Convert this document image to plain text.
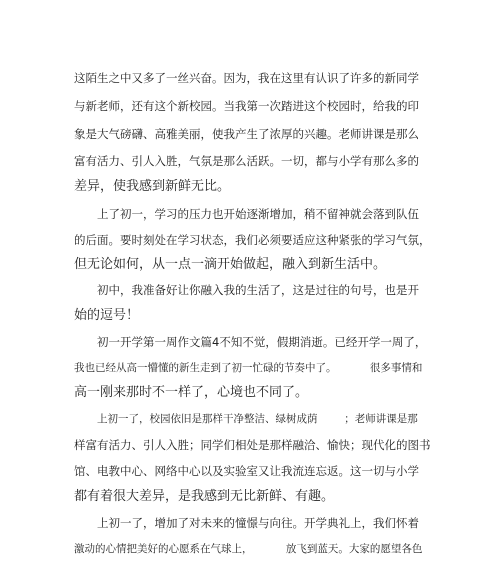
这陌生之中又多了一丝兴奋。因为，我在这里有认识了许多的新同学
与新老师，还有这个新校园。当我第一次踏进这个校园时，给我的印
象是大气磅礴、高雅美丽，使我产生了浓厚的兴趣。老师讲课是那么
富有活力、引人入胜，气氛是那么活跃。一切，都与小学有那么多的
差异，使我感到新鲜无比。
上了初一，学习的压力也开始逐渐增加，稍不留神就会落到队伍
的后面。要时刻处在学习状态，我们必须要适应这种紧张的学习气氛，
但无论如何，从一点一滴开始做起，融入到新生活中。
初中，我准备好让你融入我的生活了，这是过往的句号，也是开
始的逗号！
初一开学第一周作文篇4不知不觉，假期消逝。已经开学一周了，
我也已经从高一懵懂的新生走到了初一忙碌的节奏中了。          很多事情和
高一刚来那时不一样了，心境也不同了。
上初一了，校园依旧是那样干净整洁、绿树成荫        ；老师讲课是那
样富有活力、引人入胜；同学们相处是那样融洽、愉快；现代化的图书
馆、电教中心、网络中心以及实验室又让我流连忘返。这一切与小学
都有着很大差异，是我感到无比新鲜、有趣。
上初一了，增加了对未来的憧憬与向往。开学典礼上，我们怀着
激动的心情把美好的心愿系在气球上，          放飞到蓝天。大家的愿望各色
